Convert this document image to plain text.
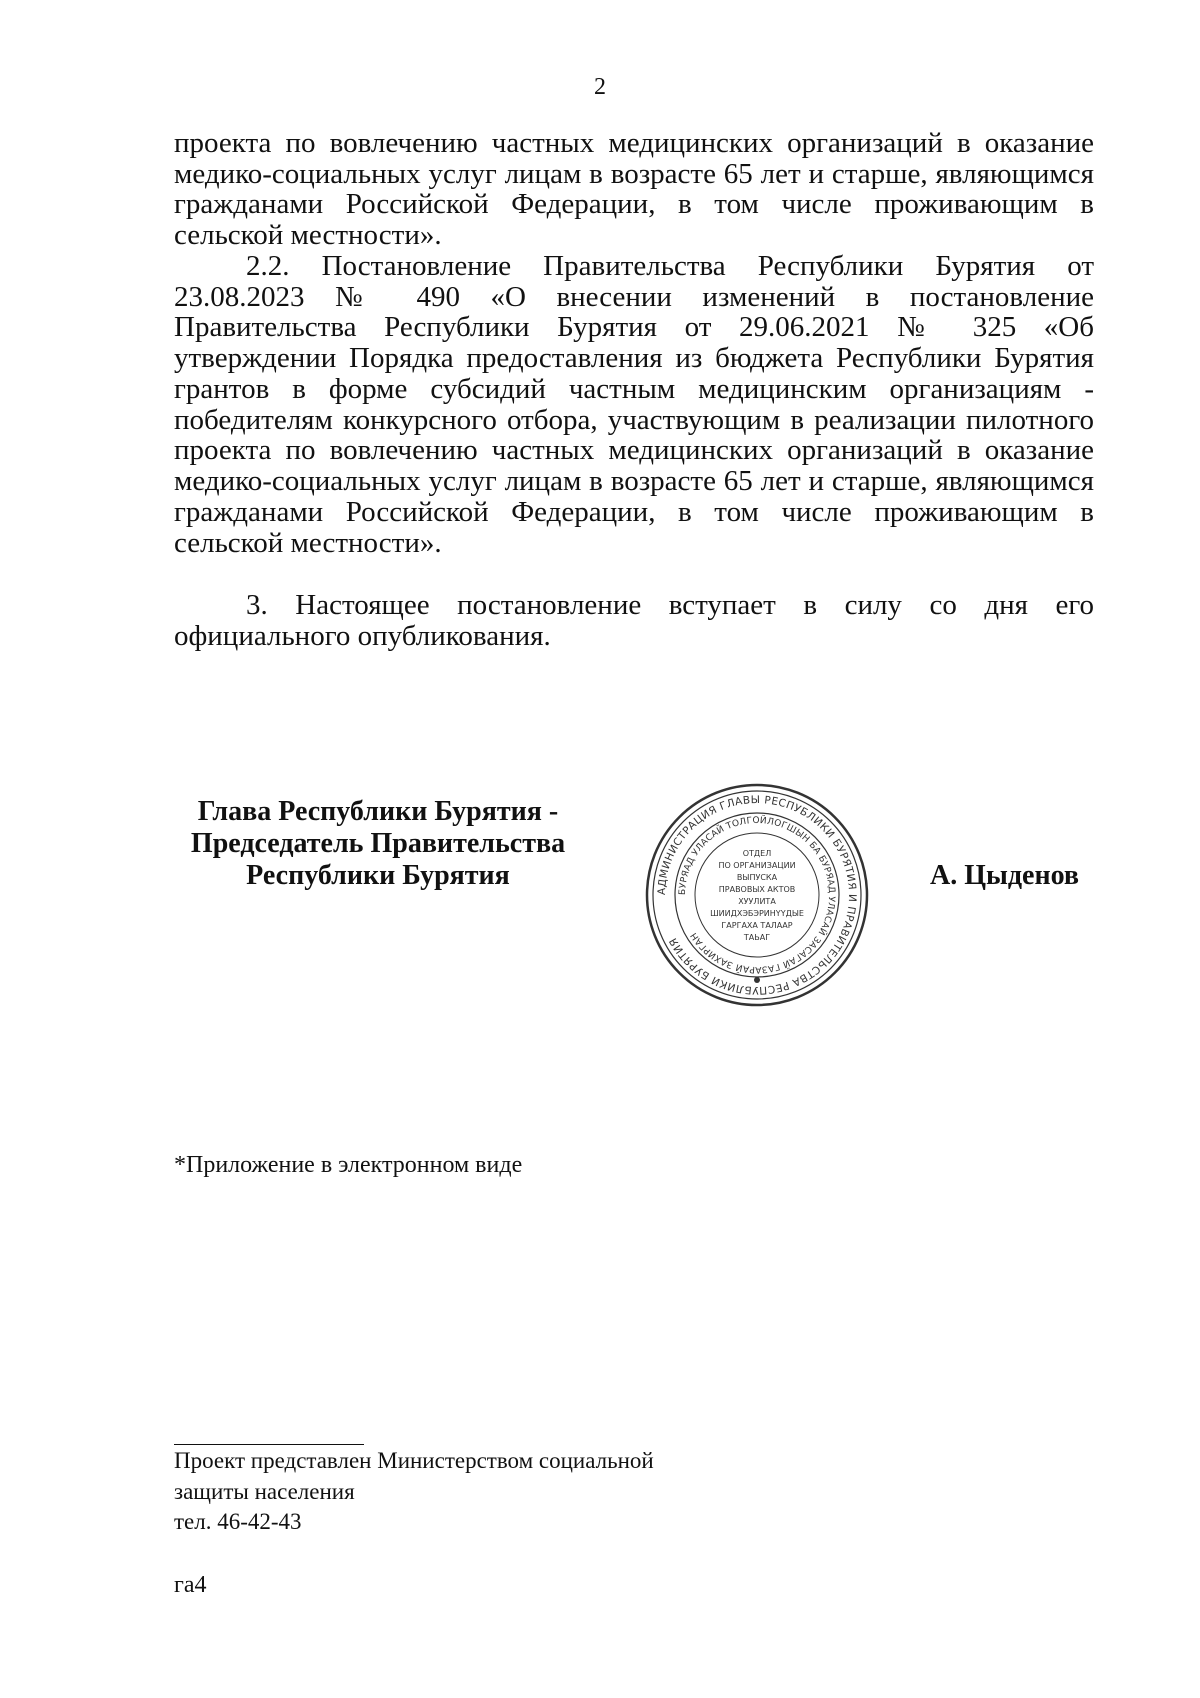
2

проекта по вовлечению частных медицинских организаций в оказание медико-социальных услуг лицам в возрасте 65 лет и старше, являющимся гражданами Российской Федерации, в том числе проживающим в сельской местности».

2.2. Постановление Правительства Республики Бурятия от 23.08.2023 № 490 «О внесении изменений в постановление Правительства Республики Бурятия от 29.06.2021 № 325 «Об утверждении Порядка предоставления из бюджета Республики Бурятия грантов в форме субсидий частным медицинским организациям - победителям конкурсного отбора, участвующим в реализации пилотного проекта по вовлечению частных медицинских организаций в оказание медико-социальных услуг лицам в возрасте 65 лет и старше, являющимся гражданами Российской Федерации, в том числе проживающим в сельской местности».

3. Настоящее постановление вступает в силу со дня его официального опубликования.

Глава Республики Бурятия -
Председатель Правительства
Республики Бурятия	АДМИНИСТРАЦИЯ ГЛАВЫ РЕСПУБЛИКИ БУРЯТИЯ И ПРАВИТЕЛЬСТВА РЕСПУБЛИКИ БУРЯТИЯ
БУРЯАД УЛАСАЙ ТОЛГОЙЛОГШЫН БА БУРЯАД УЛАСАЙ ЗАСАГАЙ ГАЗАРАЙ ЗАХИРГАН
ОТДЕЛ
ПО ОРГАНИЗАЦИИ
ВЫПУСКА
ПРАВОВЫХ АКТОВ
ХУУЛИТА
ШИИДХЭБЭРИНҮҮДЫЕ
ГАРГАХА ТАЛААР
ТАЬАГ
А. Цыденов
*Приложение в электронном виде
Проект представлен Министерством социальной
защиты населения
тел. 46-42-43
га4
